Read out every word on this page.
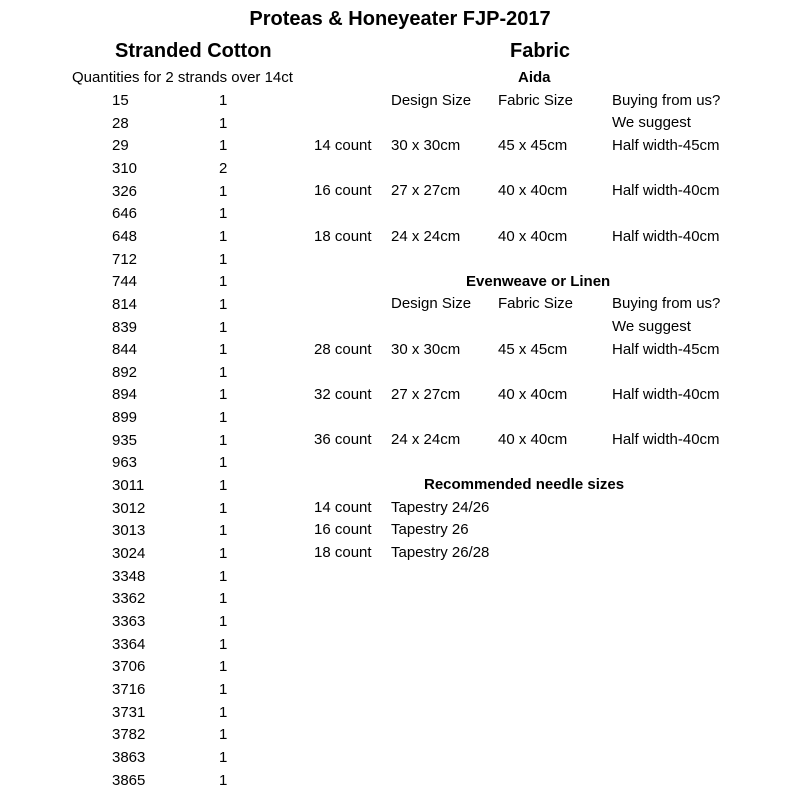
Proteas & Honeyeater FJP-2017
Stranded Cotton
Quantities for 2 strands over 14ct
15	1
28	1
29	1
310	2
326	1
646	1
648	1
712	1
744	1
814	1
839	1
844	1
892	1
894	1
899	1
935	1
963	1
3011	1
3012	1
3013	1
3024	1
3348	1
3362	1
3363	1
3364	1
3706	1
3716	1
3731	1
3782	1
3863	1
3865	1
Fabric
Aida
Design Size Fabric Size	Buying from us?
We suggest
14 count 30 x 30cm	45 x 45cm	Half width-45cm
16 count 27 x 27cm	40 x 40cm	Half width-40cm
18 count 24 x 24cm	40 x 40cm	Half width-40cm
Evenweave or Linen
Design Size Fabric Size	Buying from us?
We suggest
28 count 30 x 30cm	45 x 45cm	Half width-45cm
32 count 27 x 27cm	40 x 40cm	Half width-40cm
36 count 24 x 24cm	40 x 40cm	Half width-40cm
Recommended needle sizes
14 count Tapestry 24/26
16 count Tapestry 26
18 count Tapestry 26/28
